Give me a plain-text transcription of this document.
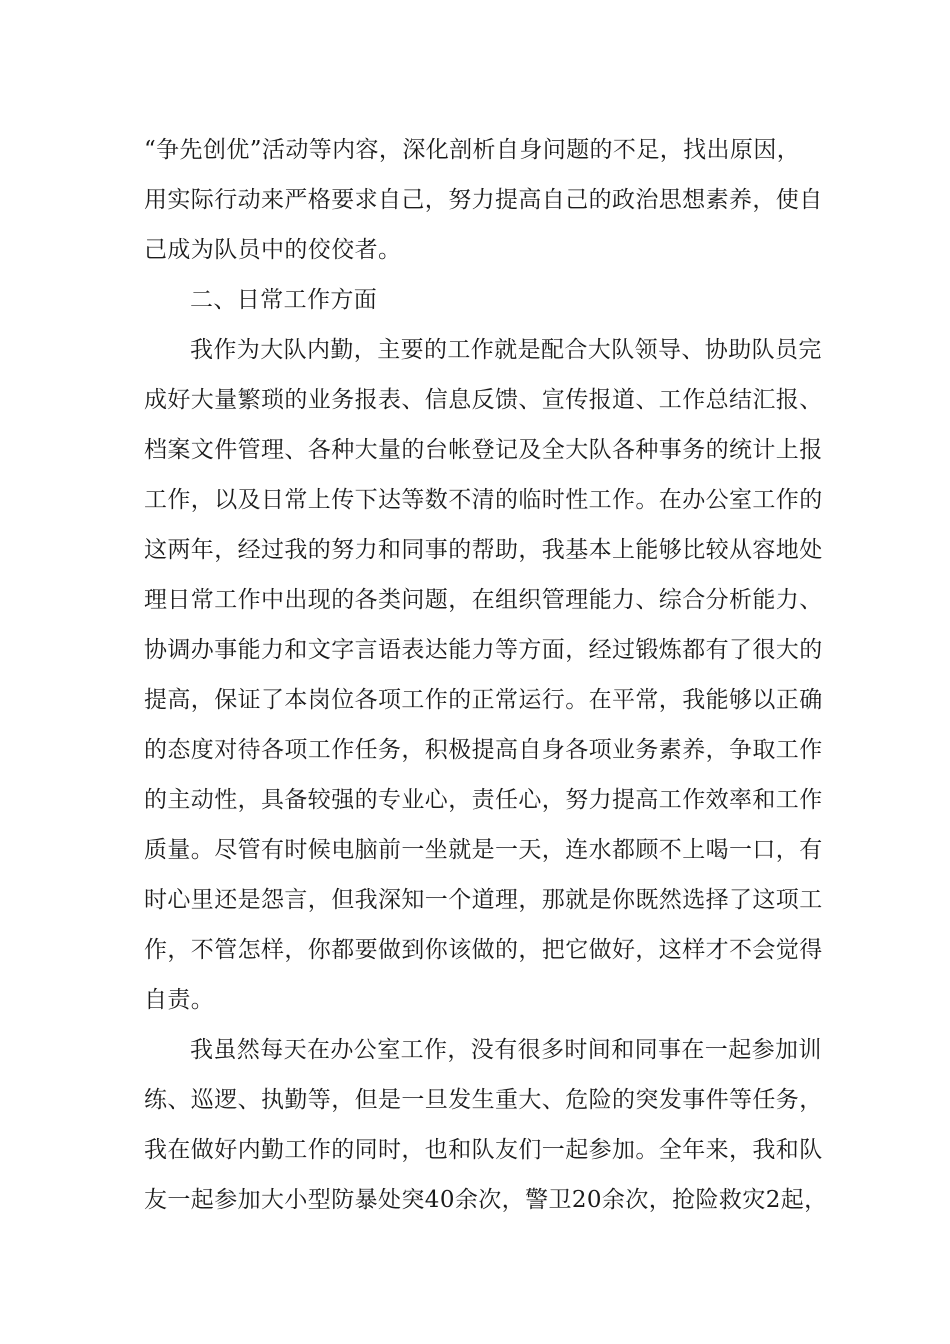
“争先创优”活动等内容，深化剖析自身问题的不足，找出原因，
用实际行动来严格要求自己，努力提高自己的政治思想素养，使自
己成为队员中的佼佼者。
二、日常工作方面
我作为大队内勤，主要的工作就是配合大队领导、协助队员完
成好大量繁琐的业务报表、信息反馈、宣传报道、工作总结汇报、
档案文件管理、各种大量的台帐登记及全大队各种事务的统计上报
工作，以及日常上传下达等数不清的临时性工作。在办公室工作的
这两年，经过我的努力和同事的帮助，我基本上能够比较从容地处
理日常工作中出现的各类问题，在组织管理能力、综合分析能力、
协调办事能力和文字言语表达能力等方面，经过锻炼都有了很大的
提高，保证了本岗位各项工作的正常运行。在平常，我能够以正确
的态度对待各项工作任务，积极提高自身各项业务素养，争取工作
的主动性，具备较强的专业心，责任心，努力提高工作效率和工作
质量。尽管有时候电脑前一坐就是一天，连水都顾不上喝一口，有
时心里还是怨言，但我深知一个道理，那就是你既然选择了这项工
作，不管怎样，你都要做到你该做的，把它做好，这样才不会觉得
自责。
我虽然每天在办公室工作，没有很多时间和同事在一起参加训
练、巡逻、执勤等，但是一旦发生重大、危险的突发事件等任务，
我在做好内勤工作的同时，也和队友们一起参加。全年来，我和队
友一起参加大小型防暴处突40余次，警卫20余次，抢险救灾2起，
